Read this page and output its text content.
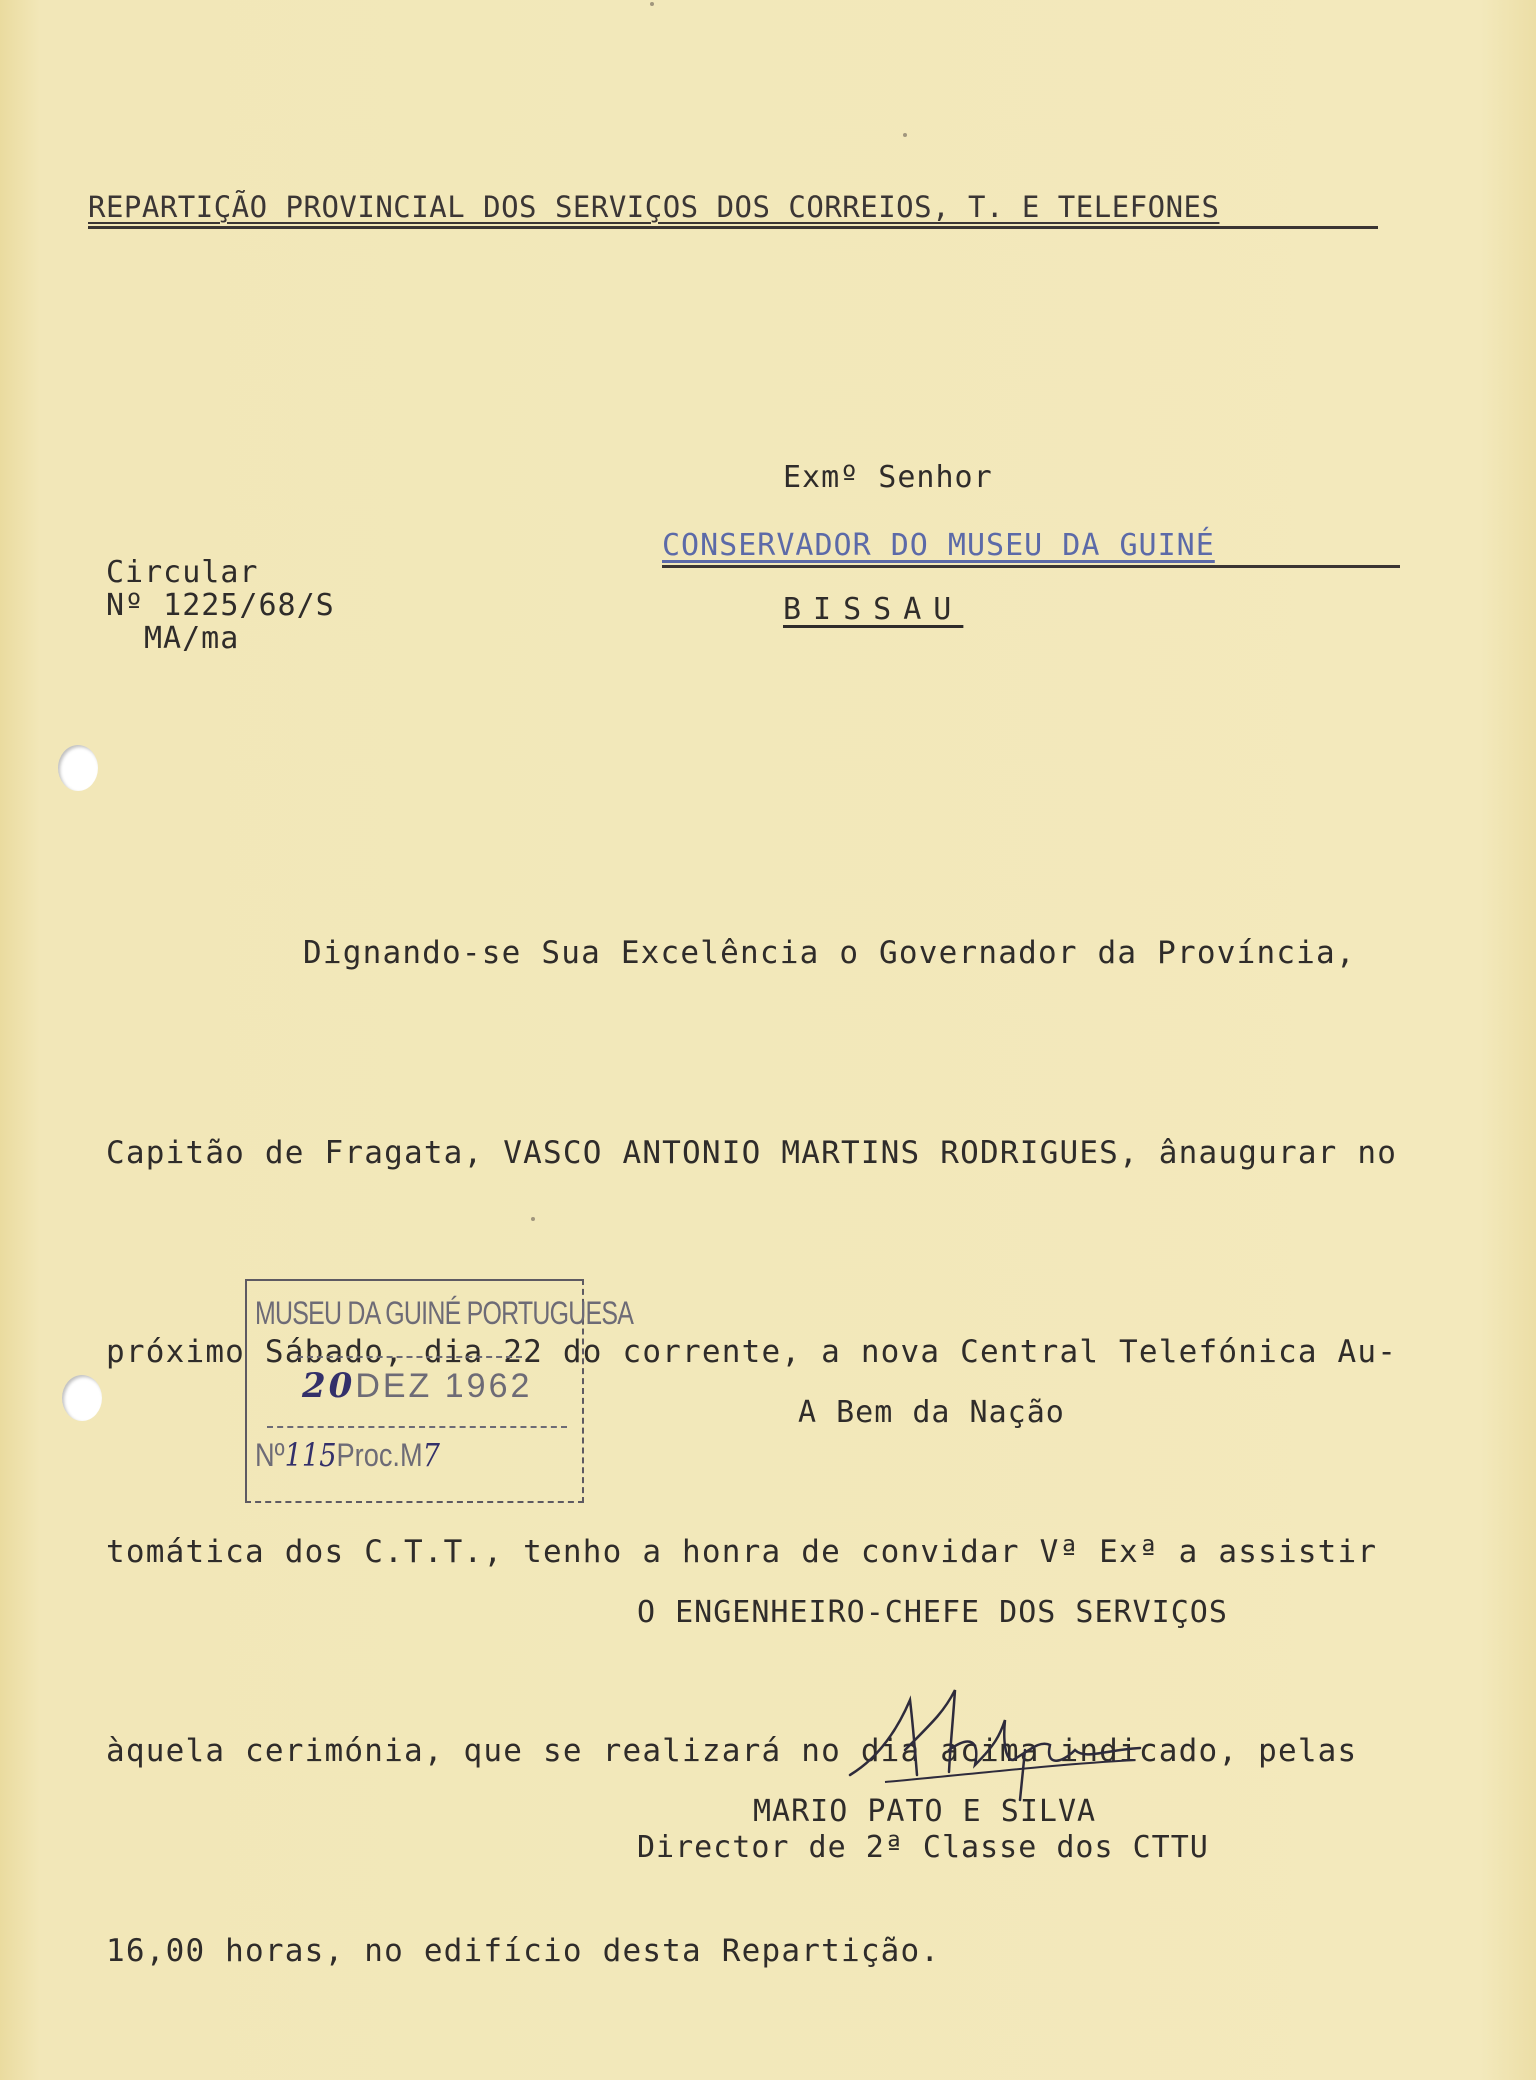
REPARTIÇÃO PROVINCIAL DOS SERVIÇOS DOS CORREIOS, T. E TELEFONES
Exmº Senhor
CONSERVADOR DO MUSEU DA GUINÉ
BISSAU
Circular
Nº 1225/68/S
MA/ma

Dignando-se Sua Excelência o Governador da Província,

Capitão de Fragata, VASCO ANTONIO MARTINS RODRIGUES, ânaugurar no

próximo Sábado, dia 22 do corrente, a nova Central Telefónica Au-

tomática dos C.T.T., tenho a honra de convidar Vª Exª a assistir

àquela cerimónia, que se realizará no dia acima indicado, pelas

16,00 horas, no edifício desta Repartição.

MUSEU DA GUINÉ PORTUGUESA
20DEZ 1962
Nº115Proc.M7
A Bem da Nação
O ENGENHEIRO-CHEFE DOS SERVIÇOS
MARIO PATO E SILVA
Director de 2ª Classe dos CTTU
